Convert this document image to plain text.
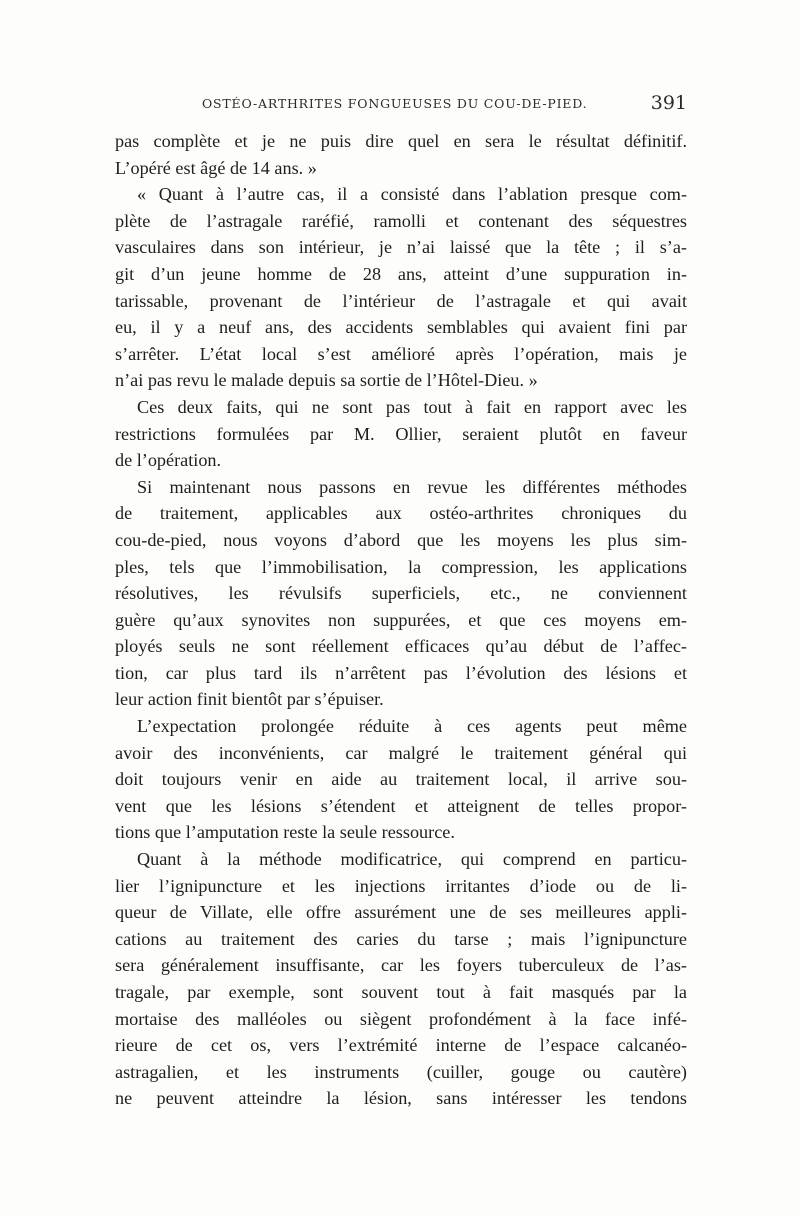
OSTÉO-ARTHRITES FONGUEUSES DU COU-DE-PIED.	391
pas complète et je ne puis dire quel en sera le résultat définitif.
L’opéré est âgé de 14 ans. »
« Quant à l’autre cas, il a consisté dans l’ablation presque com-
plète de l’astragale raréfié, ramolli et contenant des séquestres
vasculaires dans son intérieur, je n’ai laissé que la tête ; il s’a-
git d’un jeune homme de 28 ans, atteint d’une suppuration in-
tarissable, provenant de l’intérieur de l’astragale et qui avait
eu, il y a neuf ans, des accidents semblables qui avaient fini par
s’arrêter. L’état local s’est amélioré après l’opération, mais je
n’ai pas revu le malade depuis sa sortie de l’Hôtel-Dieu. »
Ces deux faits, qui ne sont pas tout à fait en rapport avec les
restrictions formulées par M. Ollier, seraient plutôt en faveur
de l’opération.
Si maintenant nous passons en revue les différentes méthodes
de traitement, applicables aux ostéo-arthrites chroniques du
cou-de-pied, nous voyons d’abord que les moyens les plus sim-
ples, tels que l’immobilisation, la compression, les applications
résolutives, les révulsifs superficiels, etc., ne conviennent
guère qu’aux synovites non suppurées, et que ces moyens em-
ployés seuls ne sont réellement efficaces qu’au début de l’affec-
tion, car plus tard ils n’arrêtent pas l’évolution des lésions et
leur action finit bientôt par s’épuiser.
L’expectation prolongée réduite à ces agents peut même
avoir des inconvénients, car malgré le traitement général qui
doit toujours venir en aide au traitement local, il arrive sou-
vent que les lésions s’étendent et atteignent de telles propor-
tions que l’amputation reste la seule ressource.
Quant à la méthode modificatrice, qui comprend en particu-
lier l’ignipuncture et les injections irritantes d’iode ou de li-
queur de Villate, elle offre assurément une de ses meilleures appli-
cations au traitement des caries du tarse ; mais l’ignipuncture
sera généralement insuffisante, car les foyers tuberculeux de l’as-
tragale, par exemple, sont souvent tout à fait masqués par la
mortaise des malléoles ou siègent profondément à la face infé-
rieure de cet os, vers l’extrémité interne de l’espace calcanéo-
astragalien, et les instruments (cuiller, gouge ou cautère)
ne peuvent atteindre la lésion, sans intéresser les tendons
